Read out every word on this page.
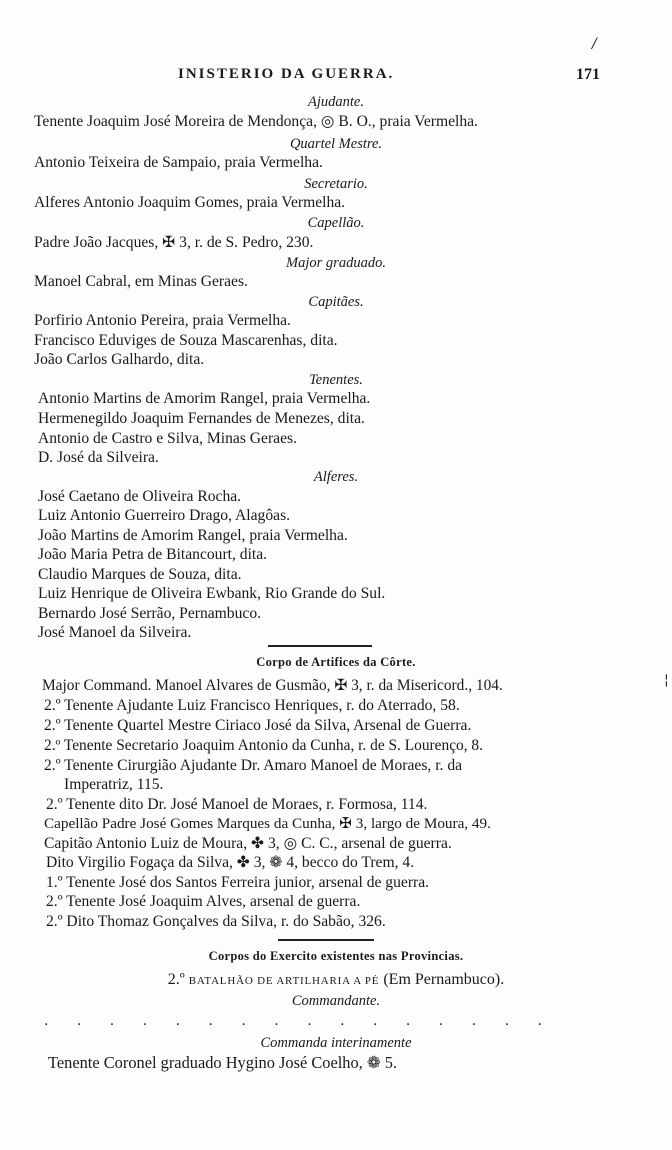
/
INISTERIO DA GUERRA.	171
Ajudante.
Tenente Joaquim José Moreira de Mendonça, ◎ B. O., praia Vermelha.
Quartel Mestre.
Antonio Teixeira de Sampaio, praia Vermelha.
Secretario.
Alferes Antonio Joaquim Gomes, praia Vermelha.
Capellão.
Padre João Jacques, ✠ 3, r. de S. Pedro, 230.
Major graduado.
Manoel Cabral, em Minas Geraes.
Capitães.
Porfirio Antonio Pereira, praia Vermelha.
Francisco Eduviges de Souza Mascarenhas, dita.
João Carlos Galhardo, dita.
Tenentes.
Antonio Martins de Amorim Rangel, praia Vermelha.
Hermenegildo Joaquim Fernandes de Menezes, dita.
Antonio de Castro e Silva, Minas Geraes.
D. José da Silveira.
Alferes.
José Caetano de Oliveira Rocha.
Luiz Antonio Guerreiro Drago, Alagôas.
João Martins de Amorim Rangel, praia Vermelha.
João Maria Petra de Bitancourt, dita.
Claudio Marques de Souza, dita.
Luiz Henrique de Oliveira Ewbank, Rio Grande do Sul.
Bernardo José Serrão, Pernambuco.
José Manoel da Silveira.
Corpo de Artifices da Côrte.
Major Command. Manoel Alvares de Gusmão, ✠ 3, r. da Misericord., 104.
2.º Tenente Ajudante Luiz Francisco Henriques, r. do Aterrado, 58.
2.º Tenente Quartel Mestre Ciriaco José da Silva, Arsenal de Guerra.
2.º Tenente Secretario Joaquim Antonio da Cunha, r. de S. Lourenço, 8.
2.º Tenente Cirurgião Ajudante Dr. Amaro Manoel de Moraes, r. da
Imperatriz, 115.
2.º Tenente dito Dr. José Manoel de Moraes, r. Formosa, 114.
Capellão Padre José Gomes Marques da Cunha, ✠ 3, largo de Moura, 49.
Capitão Antonio Luiz de Moura, ✤ 3, ◎ C. C., arsenal de guerra.
Dito Virgilio Fogaça da Silva, ✤ 3, ❁ 4, becco do Trem, 4.
1.º Tenente José dos Santos Ferreira junior, arsenal de guerra.
2.º Tenente José Joaquim Alves, arsenal de guerra.
2.º Dito Thomaz Gonçalves da Silva, r. do Sabão, 326.
Corpos do Exercito existentes nas Provincias.
2.º BATALHÃO DE ARTILHARIA A PÉ (Em Pernambuco).
Commandante.
. . . . . . . . . . . . . . . .
Commanda interinamente
Tenente Coronel graduado Hygino José Coelho, ❁ 5.
¦
